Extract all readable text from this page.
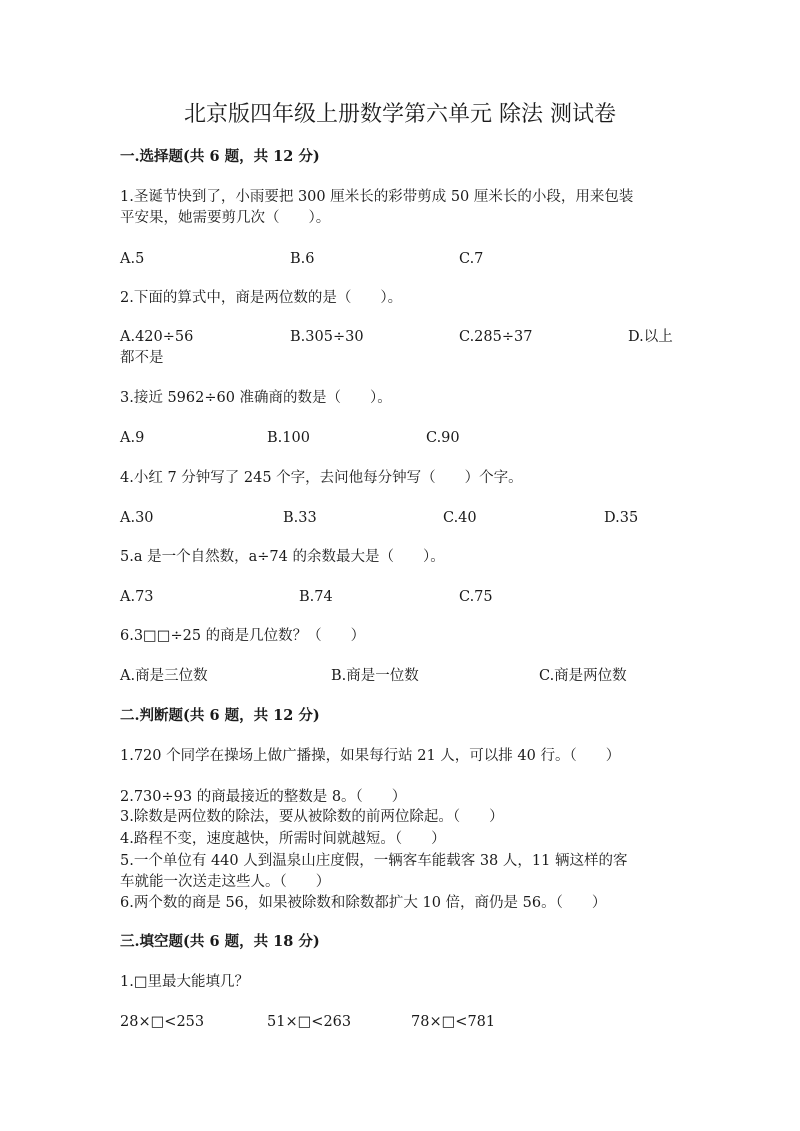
北京版四年级上册数学第六单元 除法 测试卷
一.选择题(共 6 题，共 12 分)
1.圣诞节快到了，小雨要把 300 厘米长的彩带剪成 50 厘米长的小段，用来包装
平安果，她需要剪几次（　　）。
A.5	B.6	C.7
2.下面的算式中，商是两位数的是（　　）。
A.420÷56	B.305÷30	C.285÷37	D.以上
都不是
3.接近 5962÷60 准确商的数是（　　）。
A.9	B.100	C.90
4.小红 7 分钟写了 245 个字，去问他每分钟写（　　）个字。
A.30	B.33	C.40	D.35
5.a 是一个自然数，a÷74 的余数最大是（　　）。
A.73	B.74	C.75
6.3□□÷25 的商是几位数？（　　）
A.商是三位数	B.商是一位数	C.商是两位数
二.判断题(共 6 题，共 12 分)
1.720 个同学在操场上做广播操，如果每行站 21 人，可以排 40 行。（　　）
2.730÷93 的商最接近的整数是 8。（　　）
3.除数是两位数的除法，要从被除数的前两位除起。（　　）
4.路程不变，速度越快，所需时间就越短。（　　）
5.一个单位有 440 人到温泉山庄度假，一辆客车能载客 38 人，11 辆这样的客
车就能一次送走这些人。（　　）
6.两个数的商是 56，如果被除数和除数都扩大 10 倍，商仍是 56。（　　）
三.填空题(共 6 题，共 18 分)
1.□里最大能填几？
28×□<253	51×□<263	78×□<781
